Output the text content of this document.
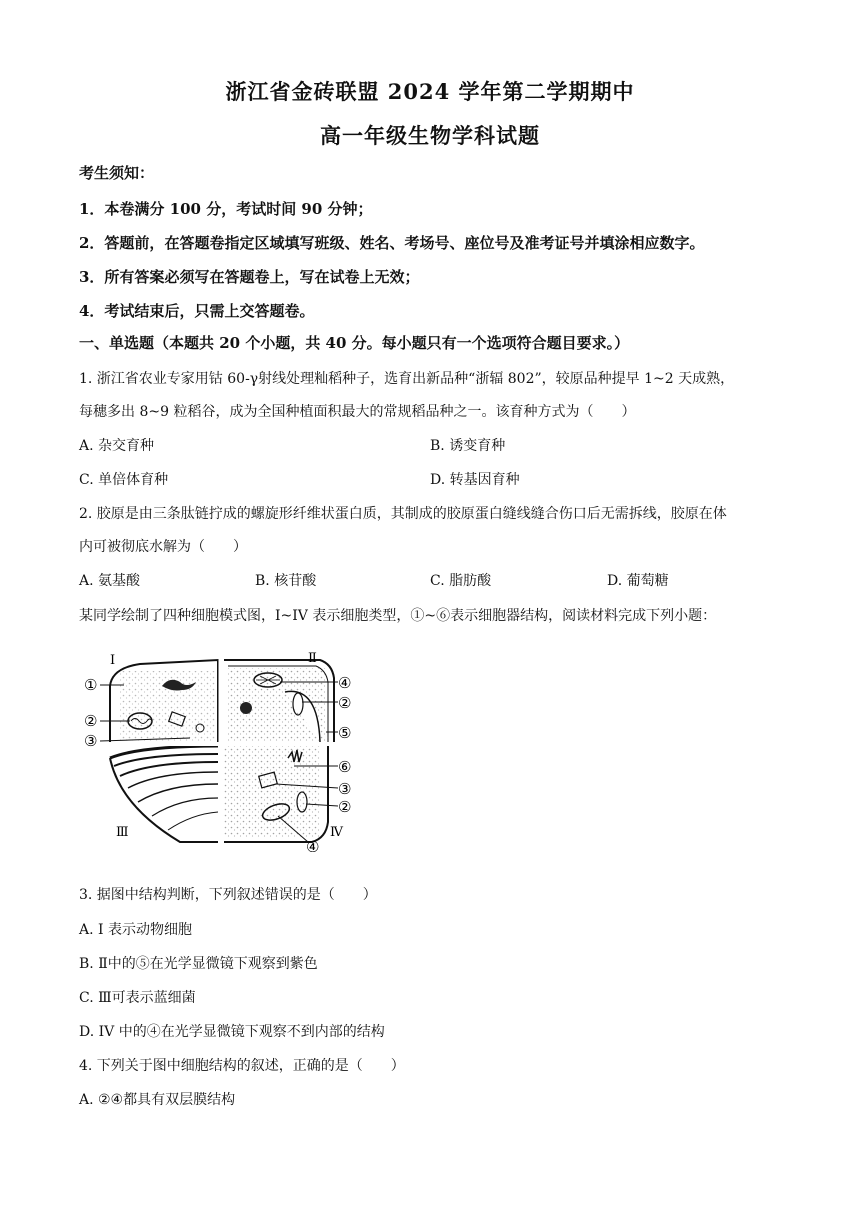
浙江省金砖联盟 2024 学年第二学期期中
高一年级生物学科试题
考生须知：
1．本卷满分 100 分，考试时间 90 分钟；
2．答题前，在答题卷指定区域填写班级、姓名、考场号、座位号及准考证号并填涂相应数字。
3．所有答案必须写在答题卷上，写在试卷上无效；
4．考试结束后，只需上交答题卷。
一、单选题（本题共 20 个小题，共 40 分。每小题只有一个选项符合题目要求。）
1. 浙江省农业专家用钴 60-γ射线处理籼稻种子，选育出新品种“浙辐 802”，较原品种提早 1~2 天成熟，
每穗多出 8~9 粒稻谷，成为全国种植面积最大的常规稻品种之一。该育种方式为（　　）
A. 杂交育种	B. 诱变育种
C. 单倍体育种	D. 转基因育种
2. 胶原是由三条肽链拧成的螺旋形纤维状蛋白质，其制成的胶原蛋白缝线缝合伤口后无需拆线，胶原在体
内可被彻底水解为（　　）
A. 氨基酸	B. 核苷酸	C. 脂肪酸	D. 葡萄糖
某同学绘制了四种细胞模式图，I~IV 表示细胞类型，①~⑥表示细胞器结构，阅读材料完成下列小题：
I	Ⅱ
Ⅲ	Ⅳ
①
②
③
④
②
⑤
⑥
③
②
④
3. 据图中结构判断，下列叙述错误的是（　　）
A. I 表示动物细胞
B. Ⅱ中的⑤在光学显微镜下观察到紫色
C. Ⅲ可表示蓝细菌
D. IV 中的④在光学显微镜下观察不到内部的结构
4. 下列关于图中细胞结构的叙述，正确的是（　　）
A. ②④都具有双层膜结构
